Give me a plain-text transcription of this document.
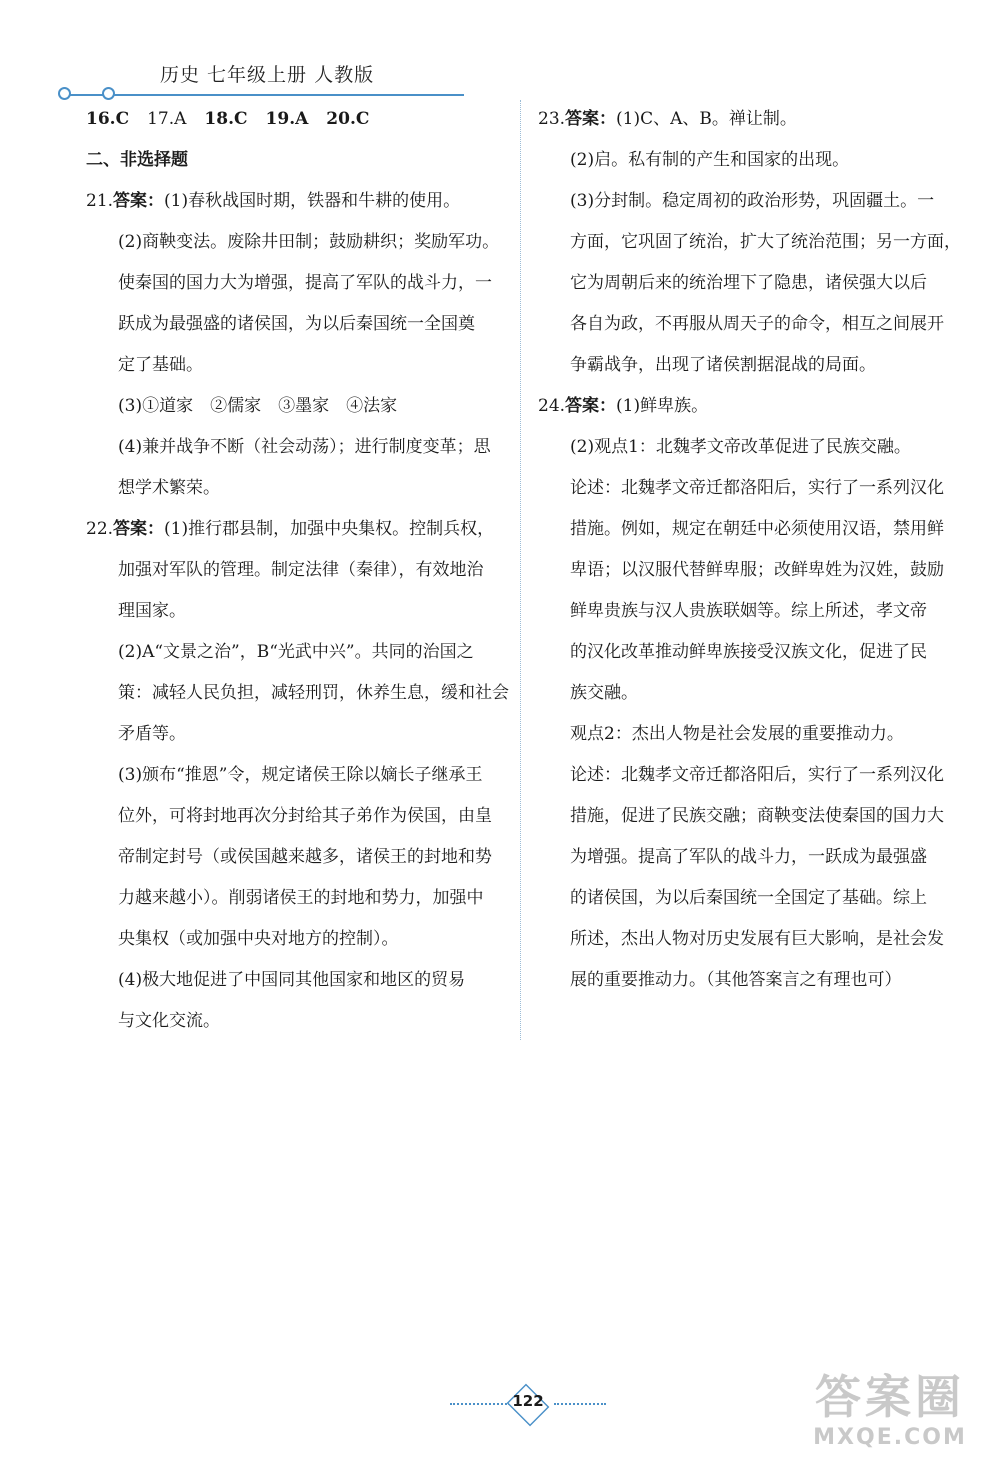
历史 七年级上册 人教版

16.C 17.A 18.C 19.A 20.C

二、非选择题

21.答案：(1)春秋战国时期，铁器和牛耕的使用。

(2)商鞅变法。废除井田制；鼓励耕织；奖励军功。

使秦国的国力大为增强，提高了军队的战斗力，一

跃成为最强盛的诸侯国，为以后秦国统一全国奠

定了基础。

(3)①道家　②儒家　③墨家　④法家

(4)兼并战争不断（社会动荡）；进行制度变革；思

想学术繁荣。

22.答案：(1)推行郡县制，加强中央集权。控制兵权，

加强对军队的管理。制定法律（秦律），有效地治

理国家。

(2)A“文景之治”，B“光武中兴”。共同的治国之

策：减轻人民负担，减轻刑罚，休养生息，缓和社会

矛盾等。

(3)颁布“推恩”令，规定诸侯王除以嫡长子继承王

位外，可将封地再次分封给其子弟作为侯国，由皇

帝制定封号（或侯国越来越多，诸侯王的封地和势

力越来越小）。削弱诸侯王的封地和势力，加强中

央集权（或加强中央对地方的控制）。

(4)极大地促进了中国同其他国家和地区的贸易

与文化交流。

23.答案：(1)C、A、B。禅让制。

(2)启。私有制的产生和国家的出现。

(3)分封制。稳定周初的政治形势，巩固疆土。一

方面，它巩固了统治，扩大了统治范围；另一方面，

它为周朝后来的统治埋下了隐患，诸侯强大以后

各自为政，不再服从周天子的命令，相互之间展开

争霸战争，出现了诸侯割据混战的局面。

24.答案：(1)鲜卑族。

(2)观点1：北魏孝文帝改革促进了民族交融。

论述：北魏孝文帝迁都洛阳后，实行了一系列汉化

措施。例如，规定在朝廷中必须使用汉语，禁用鲜

卑语；以汉服代替鲜卑服；改鲜卑姓为汉姓，鼓励

鲜卑贵族与汉人贵族联姻等。综上所述，孝文帝

的汉化改革推动鲜卑族接受汉族文化，促进了民

族交融。

观点2：杰出人物是社会发展的重要推动力。

论述：北魏孝文帝迁都洛阳后，实行了一系列汉化

措施，促进了民族交融；商鞅变法使秦国的国力大

为增强。提高了军队的战斗力，一跃成为最强盛

的诸侯国，为以后秦国统一全国定了基础。综上

所述，杰出人物对历史发展有巨大影响，是社会发

展的重要推动力。（其他答案言之有理也可）

122	答案圈
MXQE.COM
